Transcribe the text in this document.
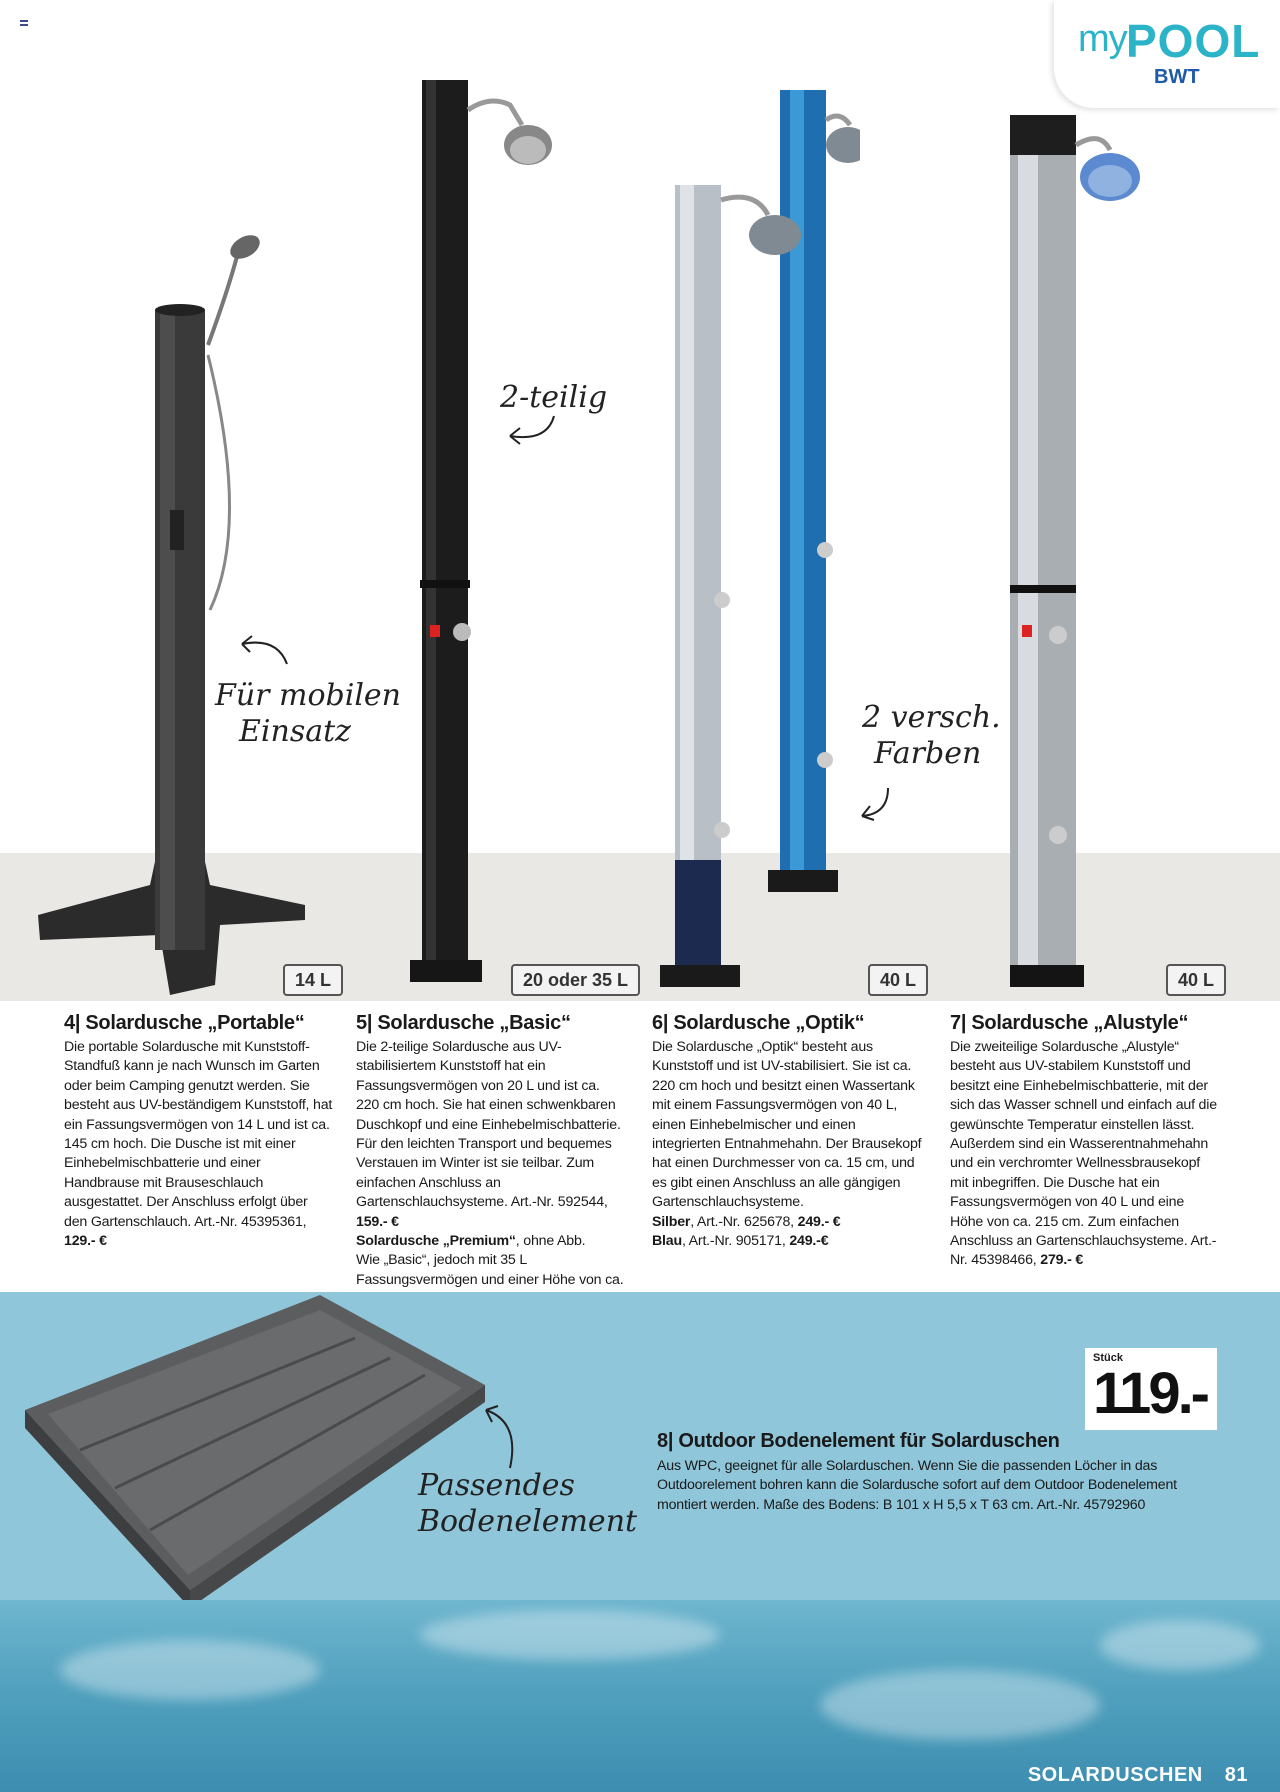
my POOL
BWT
Für mobilen
Einsatz
2-teilig
2 versch.
Farben
14 L	20 oder 35 L	40 L	40 L
4| Solardusche „Portable“

Die portable Solardusche mit Kunststoff-Standfuß kann je nach Wunsch im Garten oder beim Camping genutzt werden. Sie besteht aus UV-beständigem Kunststoff, hat ein Fassungsvermögen von 14 L und ist ca. 145 cm hoch. Die Dusche ist mit einer Einhebelmischbatterie und einer Handbrause mit Brauseschlauch ausgestattet. Der Anschluss erfolgt über den Gartenschlauch. Art.-Nr. 45395361, 129.- €

5| Solardusche „Basic“

Die 2-teilige Solardusche aus UV-stabilisiertem Kunststoff hat ein Fassungsvermögen von 20 L und ist ca. 220 cm hoch. Sie hat einen schwenkbaren Duschkopf und eine Einhebelmischbatterie. Für den leichten Transport und bequemes Verstauen im Winter ist sie teilbar. Zum einfachen Anschluss an Gartenschlauchsysteme. Art.-Nr. 592544, 159.- €
Solardusche „Premium“, ohne Abb.
Wie „Basic“, jedoch mit 35 L Fassungsvermögen und einer Höhe von ca.

6| Solardusche „Optik“

Die Solardusche „Optik“ besteht aus Kunststoff und ist UV-stabilisiert. Sie ist ca. 220 cm hoch und besitzt einen Wassertank mit einem Fassungsvermögen von 40 L, einen Einhebelmischer und einen integrierten Entnahmehahn. Der Brausekopf hat einen Durchmesser von ca. 15 cm, und es gibt einen Anschluss an alle gängigen Gartenschlauchsysteme.
Silber, Art.-Nr. 625678, 249.- €
Blau, Art.-Nr. 905171, 249.-€

7| Solardusche „Alustyle“

Die zweiteilige Solardusche „Alustyle“ besteht aus UV-stabilem Kunststoff und besitzt eine Einhebelmischbatterie, mit der sich das Wasser schnell und einfach auf die gewünschte Temperatur einstellen lässt. Außerdem sind ein Wasserentnahmehahn und ein verchromter Wellnessbrausekopf mit inbegriffen. Die Dusche hat ein Fassungsvermögen von 40 L und eine Höhe von ca. 215 cm. Zum einfachen Anschluss an Gartenschlauchsysteme. Art.-Nr. 45398466, 279.- €

Passendes
Bodenelement
Stück
119.-
8| Outdoor Bodenelement für Solarduschen
Aus WPC, geeignet für alle Solarduschen. Wenn Sie die passenden Löcher in das Outdoorelement bohren kann die Solardusche sofort auf dem Outdoor Bodenelement montiert werden. Maße des Bodens: B 101 x H 5,5 x T 63 cm. Art.-Nr. 45792960
SOLARDUSCHEN 81
